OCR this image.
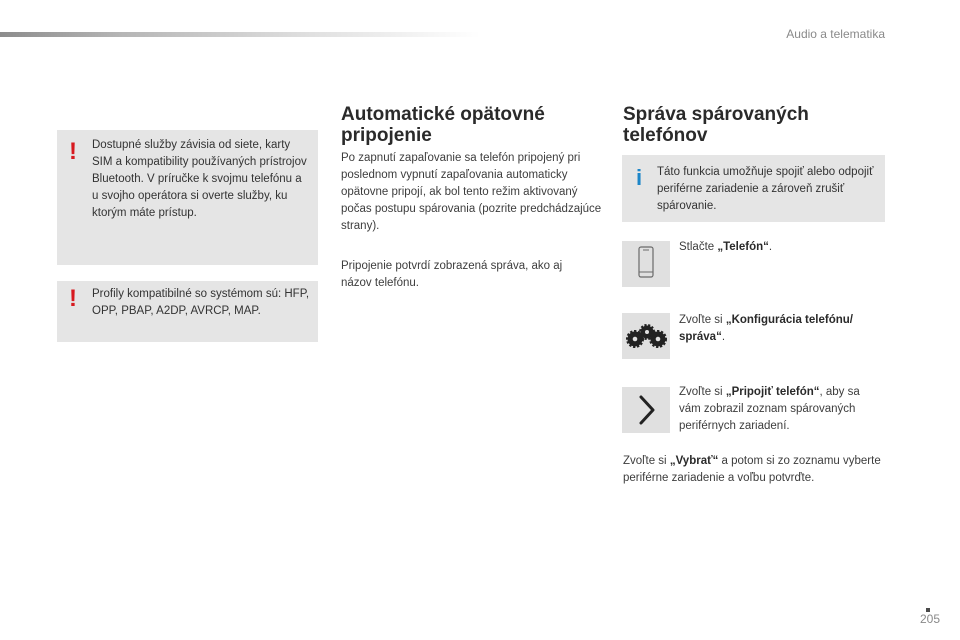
Audio a telematika
! Dostupné služby závisia od siete, karty SIM a kompatibility používaných prístrojov Bluetooth. V príručke k svojmu telefónu a u svojho operátora si overte služby, ku ktorým máte prístup.
! Profily kompatibilné so systémom sú: HFP, OPP, PBAP, A2DP, AVRCP, MAP.
Automatické opätovné pripojenie

Po zapnutí zapaľovanie sa telefón pripojený pri poslednom vypnutí zapaľovania automaticky opätovne pripojí, ak bol tento režim aktivovaný počas postupu spárovania (pozrite predchádzajúce strany).

Pripojenie potvrdí zobrazená správa, ako aj názov telefónu.

Správa spárovaných telefónov
i Táto funkcia umožňuje spojiť alebo odpojiť periférne zariadenie a zároveň zrušiť spárovanie.
Stlačte „Telefón“.
Zvoľte si „Konfigurácia telefónu/ správa“.
Zvoľte si „Pripojiť telefón“, aby sa vám zobrazil zoznam spárovaných periférnych zariadení.
Zvoľte si „Vybrať“ a potom si zo zoznamu vyberte periférne zariadenie a voľbu potvrďte.
205
